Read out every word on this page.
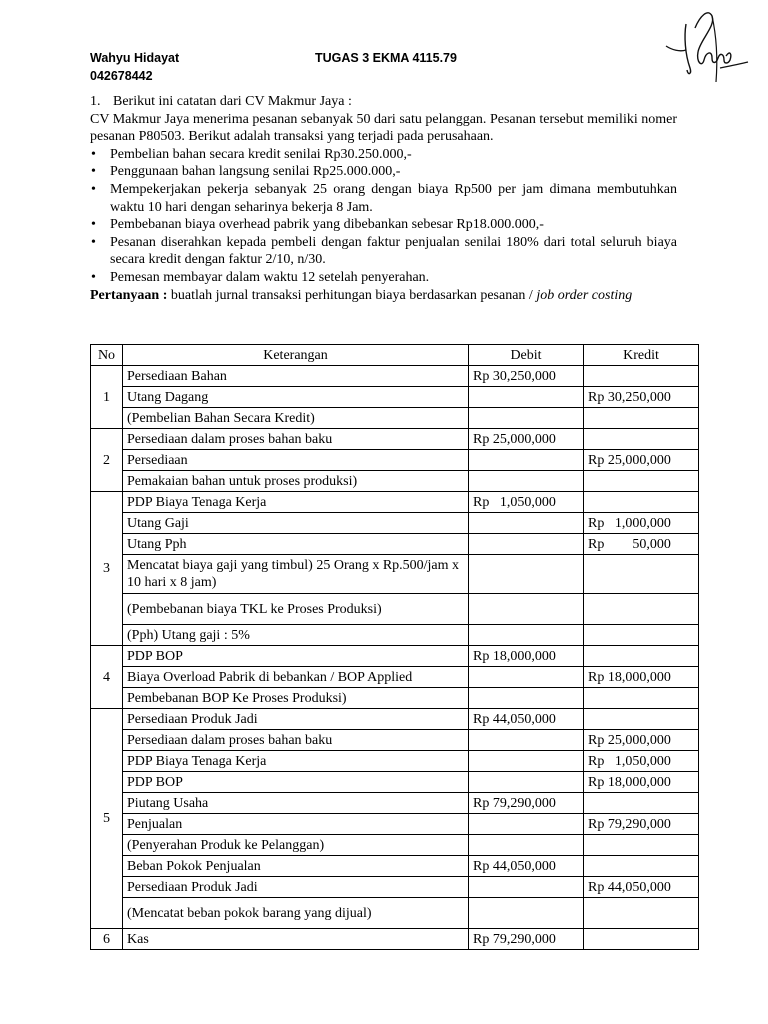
Wahyu Hidayat
042678442
TUGAS 3 EKMA 4115.79

1. Berikut ini catatan dari CV Makmur Jaya :

CV Makmur Jaya menerima pesanan sebanyak 50 dari satu pelanggan. Pesanan tersebut memiliki nomer pesanan P80503. Berikut adalah transaksi yang terjadi pada perusahaan.

• Pembelian bahan secara kredit senilai Rp30.250.000,-
• Penggunaan bahan langsung senilai Rp25.000.000,-
• Mempekerjakan pekerja sebanyak 25 orang dengan biaya Rp500 per jam dimana membutuhkan waktu 10 hari dengan seharinya bekerja 8 Jam.
• Pembebanan biaya overhead pabrik yang dibebankan sebesar Rp18.000.000,-
• Pesanan diserahkan kepada pembeli dengan faktur penjualan senilai 180% dari total seluruh biaya secara kredit dengan faktur 2/10, n/30.
• Pemesan membayar dalam waktu 12 setelah penyerahan.

Pertanyaan : buatlah jurnal transaksi perhitungan biaya berdasarkan pesanan / job order costing

No	Keterangan	Debit	Kredit
1	Persediaan Bahan	Rp 30,250,000	
	Utang Dagang		Rp 30,250,000
	(Pembelian Bahan Secara Kredit)		
2	Persediaan dalam proses bahan baku	Rp 25,000,000	
	Persediaan		Rp 25,000,000
	Pemakaian bahan untuk proses produksi)		
3	PDP Biaya Tenaga Kerja	Rp   1,050,000	
	Utang Gaji		Rp   1,000,000
	Utang Pph		Rp        50,000
	Mencatat biaya gaji yang timbul) 25 Orang x Rp.500/jam x 10 hari x 8 jam)		
	(Pembebanan biaya TKL ke Proses Produksi)		
	(Pph) Utang gaji : 5%		
4	PDP BOP	Rp 18,000,000	
	Biaya Overload Pabrik di bebankan / BOP Applied		Rp 18,000,000
	Pembebanan BOP Ke Proses Produksi)		
5	Persediaan Produk Jadi	Rp 44,050,000	
	Persediaan dalam proses bahan baku		Rp 25,000,000
	PDP Biaya Tenaga Kerja		Rp   1,050,000
	PDP BOP		Rp 18,000,000
	Piutang Usaha	Rp 79,290,000	
	Penjualan		Rp 79,290,000
	(Penyerahan Produk ke Pelanggan)		
	Beban Pokok Penjualan	Rp 44,050,000	
	Persediaan Produk Jadi		Rp 44,050,000
	(Mencatat beban pokok barang yang dijual)		
6	Kas	Rp 79,290,000	
